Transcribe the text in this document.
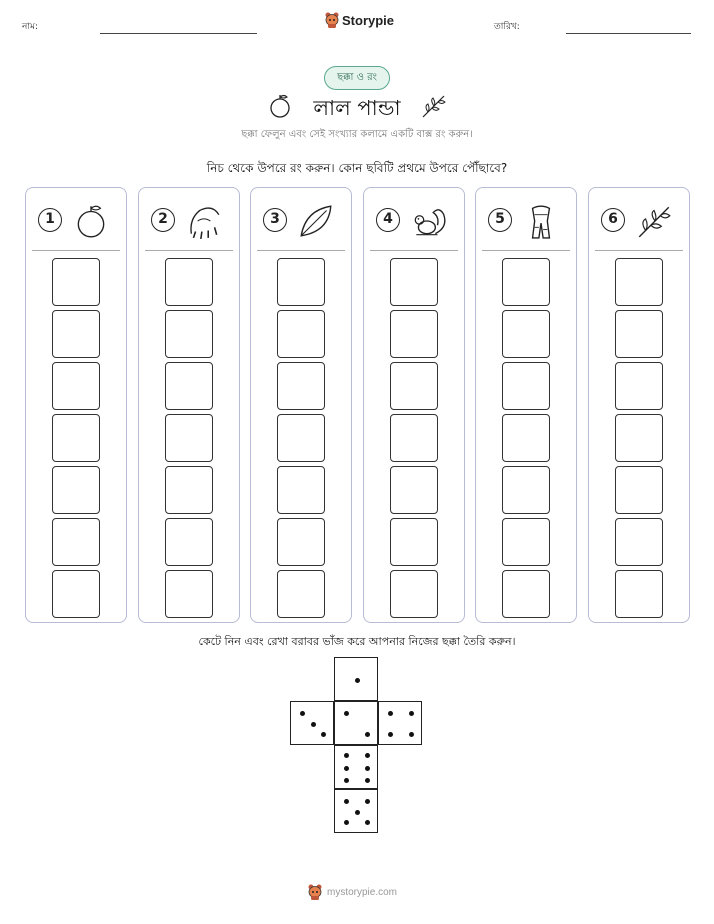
নাম:	Storypie	তারিখ:
ছক্কা ও রং
লাল পান্ডা
ছক্কা ফেলুন এবং সেই সংখ্যার কলামে একটি বাক্স রং করুন।
নিচ থেকে উপরে রং করুন। কোন ছবিটি প্রথমে উপরে পৌঁছাবে?
1	2	3	4	5	6
কেটে নিন এবং রেখা বরাবর ভাঁজ করে আপনার নিজের ছক্কা তৈরি করুন।
mystorypie.com
